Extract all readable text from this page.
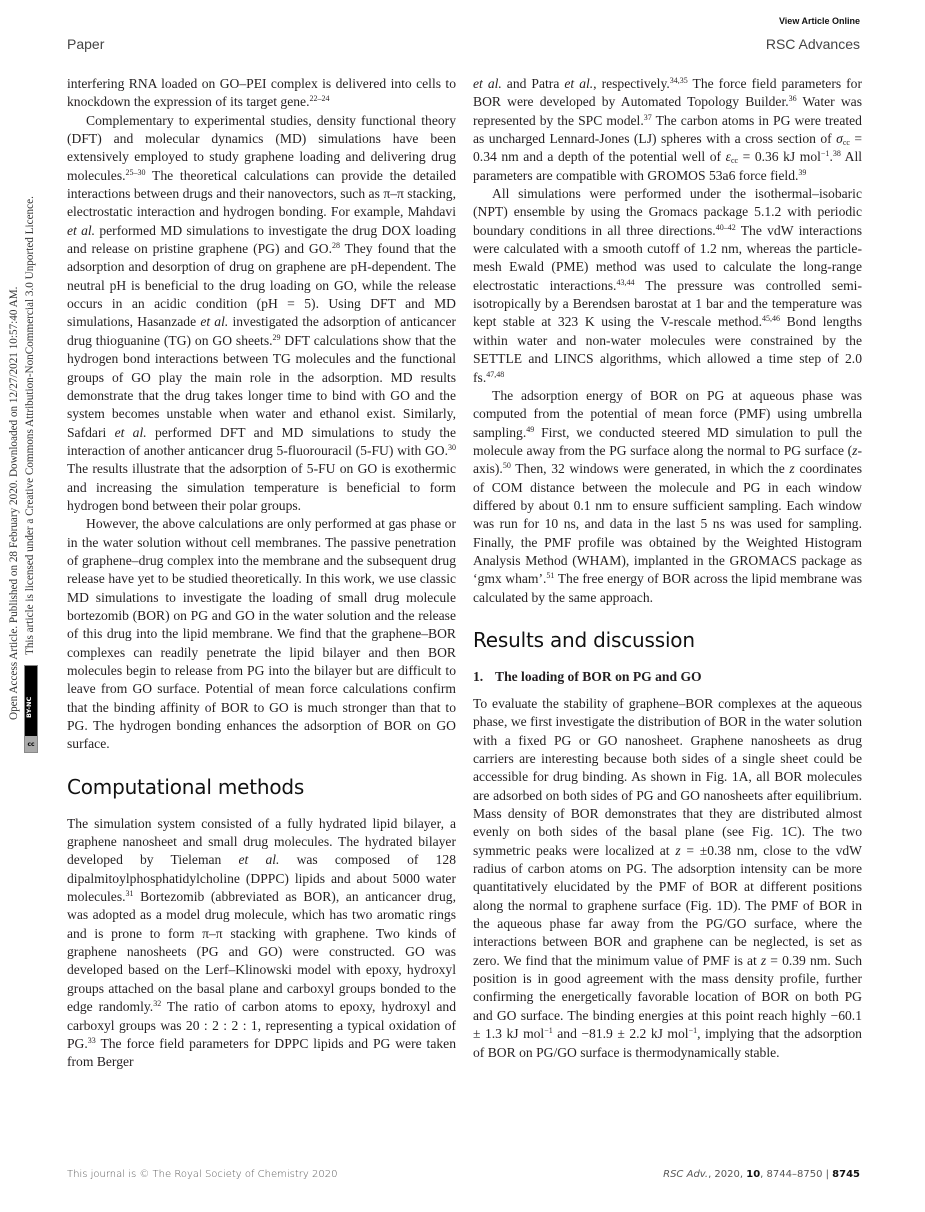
View Article Online
Paper	RSC Advances
Open Access Article. Published on 28 February 2020. Downloaded on 12/27/2021 10:57:40 AM. This article is licensed under a Creative Commons Attribution-NonCommercial 3.0 Unported Licence.
cc
BY-NC

interfering RNA loaded on GO–PEI complex is delivered into cells to knockdown the expression of its target gene.$^{22-24}$

Complementary to experimental studies, density functional theory (DFT) and molecular dynamics (MD) simulations have been extensively employed to study graphene loading and delivering drug molecules.$^{25-30}$ The theoretical calculations can provide the detailed interactions between drugs and their nanovectors, such as π–π stacking, electrostatic interaction and hydrogen bonding. For example, Mahdavi et al. performed MD simulations to investigate the drug DOX loading and release on pristine graphene (PG) and GO.$^{28}$ They found that the adsorption and desorption of drug on graphene are pH-dependent. The neutral pH is beneficial to the drug loading on GO, while the release occurs in an acidic condition (pH = 5). Using DFT and MD simulations, Hasanzade et al. investigated the adsorption of anticancer drug thioguanine (TG) on GO sheets.$^{29}$ DFT calculations show that the hydrogen bond interactions between TG molecules and the functional groups of GO play the main role in the adsorption. MD results demonstrate that the drug takes longer time to bind with GO and the system becomes unstable when water and ethanol exist. Similarly, Safdari et al. performed DFT and MD simulations to study the interaction of another anticancer drug 5-fluorouracil (5-FU) with GO.$^{30}$ The results illustrate that the adsorption of 5-FU on GO is exothermic and increasing the simulation temperature is beneficial to form hydrogen bond between their polar groups.

However, the above calculations are only performed at gas phase or in the water solution without cell membranes. The passive penetration of graphene–drug complex into the membrane and the subsequent drug release have yet to be studied theoretically. In this work, we use classic MD simulations to investigate the loading of small drug molecule bortezomib (BOR) on PG and GO in the water solution and the release of this drug into the lipid membrane. We find that the graphene–BOR complexes can readily penetrate the lipid bilayer and then BOR molecules begin to release from PG into the bilayer but are difficult to leave from GO surface. Potential of mean force calculations confirm that the binding affinity of BOR to GO is much stronger than that to PG. The hydrogen bonding enhances the adsorption of BOR on GO surface.

Computational methods

The simulation system consisted of a fully hydrated lipid bilayer, a graphene nanosheet and small drug molecules. The hydrated bilayer developed by Tieleman et al. was composed of 128 dipalmitoylphosphatidylcholine (DPPC) lipids and about 5000 water molecules.$^{31}$ Bortezomib (abbreviated as BOR), an anticancer drug, was adopted as a model drug molecule, which has two aromatic rings and is prone to form π–π stacking with graphene. Two kinds of graphene nanosheets (PG and GO) were constructed. GO was developed based on the Lerf–Klinowski model with epoxy, hydroxyl groups attached on the basal plane and carboxyl groups bonded to the edge randomly.$^{32}$ The ratio of carbon atoms to epoxy, hydroxyl and carboxyl groups was 20 : 2 : 2 : 1, representing a typical oxidation of PG.$^{33}$ The force field parameters for DPPC lipids and PG were taken from Berger

et al. and Patra et al., respectively.$^{34,35}$ The force field parameters for BOR were developed by Automated Topology Builder.$^{36}$ Water was represented by the SPC model.$^{37}$ The carbon atoms in PG were treated as uncharged Lennard-Jones (LJ) spheres with a cross section of $\sigma_{cc} = 0.34$ nm and a depth of the potential well of $\varepsilon_{cc} = 0.36$ kJ mol$^{-1}$.$^{38}$ All parameters are compatible with GROMOS 53a6 force field.$^{39}$

All simulations were performed under the isothermal–isobaric (NPT) ensemble by using the Gromacs package 5.1.2 with periodic boundary conditions in all three directions.$^{40-42}$ The vdW interactions were calculated with a smooth cutoff of 1.2 nm, whereas the particle-mesh Ewald (PME) method was used to calculate the long-range electrostatic interactions.$^{43,44}$ The pressure was controlled semi-isotropically by a Berendsen barostat at 1 bar and the temperature was kept stable at 323 K using the V-rescale method.$^{45,46}$ Bond lengths within water and non-water molecules were constrained by the SETTLE and LINCS algorithms, which allowed a time step of 2.0 fs.$^{47,48}$

The adsorption energy of BOR on PG at aqueous phase was computed from the potential of mean force (PMF) using umbrella sampling.$^{49}$ First, we conducted steered MD simulation to pull the molecule away from the PG surface along the normal to PG surface (z-axis).$^{50}$ Then, 32 windows were generated, in which the z coordinates of COM distance between the molecule and PG in each window differed by about 0.1 nm to ensure sufficient sampling. Each window was run for 10 ns, and data in the last 5 ns was used for sampling. Finally, the PMF profile was obtained by the Weighted Histogram Analysis Method (WHAM), implanted in the GROMACS package as ‘gmx wham’.$^{51}$ The free energy of BOR across the lipid membrane was calculated by the same approach.

Results and discussion
1. The loading of BOR on PG and GO

To evaluate the stability of graphene–BOR complexes at the aqueous phase, we first investigate the distribution of BOR in the water solution with a fixed PG or GO nanosheet. Graphene nanosheets as drug carriers are interesting because both sides of a single sheet could be accessible for drug binding. As shown in Fig. 1A, all BOR molecules are adsorbed on both sides of PG and GO nanosheets after equilibrium. Mass density of BOR demonstrates that they are distributed almost evenly on both sides of the basal plane (see Fig. 1C). The two symmetric peaks were localized at z = ±0.38 nm, close to the vdW radius of carbon atoms on PG. The adsorption intensity can be more quantitatively elucidated by the PMF of BOR at different positions along the normal to graphene surface (Fig. 1D). The PMF of BOR in the aqueous phase far away from the PG/GO surface, where the interactions between BOR and graphene can be neglected, is set as zero. We find that the minimum value of PMF is at z = 0.39 nm. Such position is in good agreement with the mass density profile, further confirming the energetically favorable location of BOR on both PG and GO surface. The binding energies at this point reach highly −60.1 ± 1.3 kJ mol$^{-1}$ and −81.9 ± 2.2 kJ mol$^{-1}$, implying that the adsorption of BOR on PG/GO surface is thermodynamically stable.

This journal is © The Royal Society of Chemistry 2020	RSC Adv., 2020, 10, 8744–8750 | 8745
